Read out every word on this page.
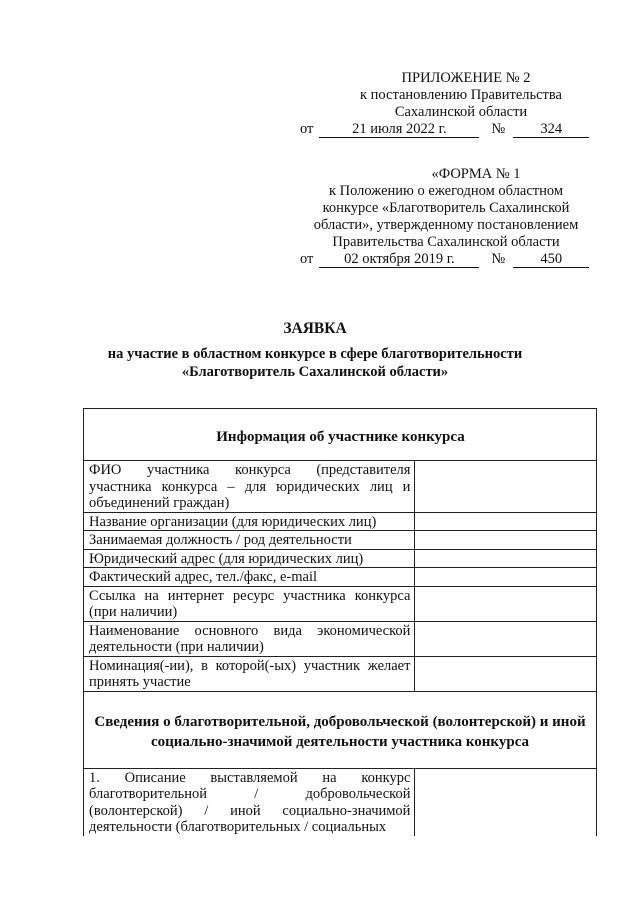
ПРИЛОЖЕНИЕ № 2
к постановлению Правительства
Сахалинской области
от	21 июля 2022 г.	№	324
«ФОРМА № 1
к Положению о ежегодном областном
конкурсе «Благотворитель Сахалинской
области», утвержденному постановлением
Правительства Сахалинской области
от	02 октября 2019 г.	№	450
ЗАЯВКА
на участие в областном конкурсе в сфере благотворительности
«Благотворитель Сахалинской области»
Информация об участнике конкурса	
ФИО участника конкурса (представителя участника конкурса – для юридических лиц и объединений граждан)	
Название организации (для юридических лиц)	
Занимаемая должность / род деятельности	
Юридический адрес (для юридических лиц)	
Фактический адрес, тел./факс, e-mail	
Ссылка на интернет ресурс участника конкурса (при наличии)	
Наименование основного вида экономической деятельности (при наличии)	
Номинация(-ии), в которой(-ых) участник желает принять участие	
Сведения о благотворительной, добровольческой (волонтерской) и иной социально-значимой деятельности участника конкурса	
1. Описание выставляемой на конкурс благотворительной / добровольческой (волонтерской) / иной социально-значимой деятельности (благотворительных / социальных	
